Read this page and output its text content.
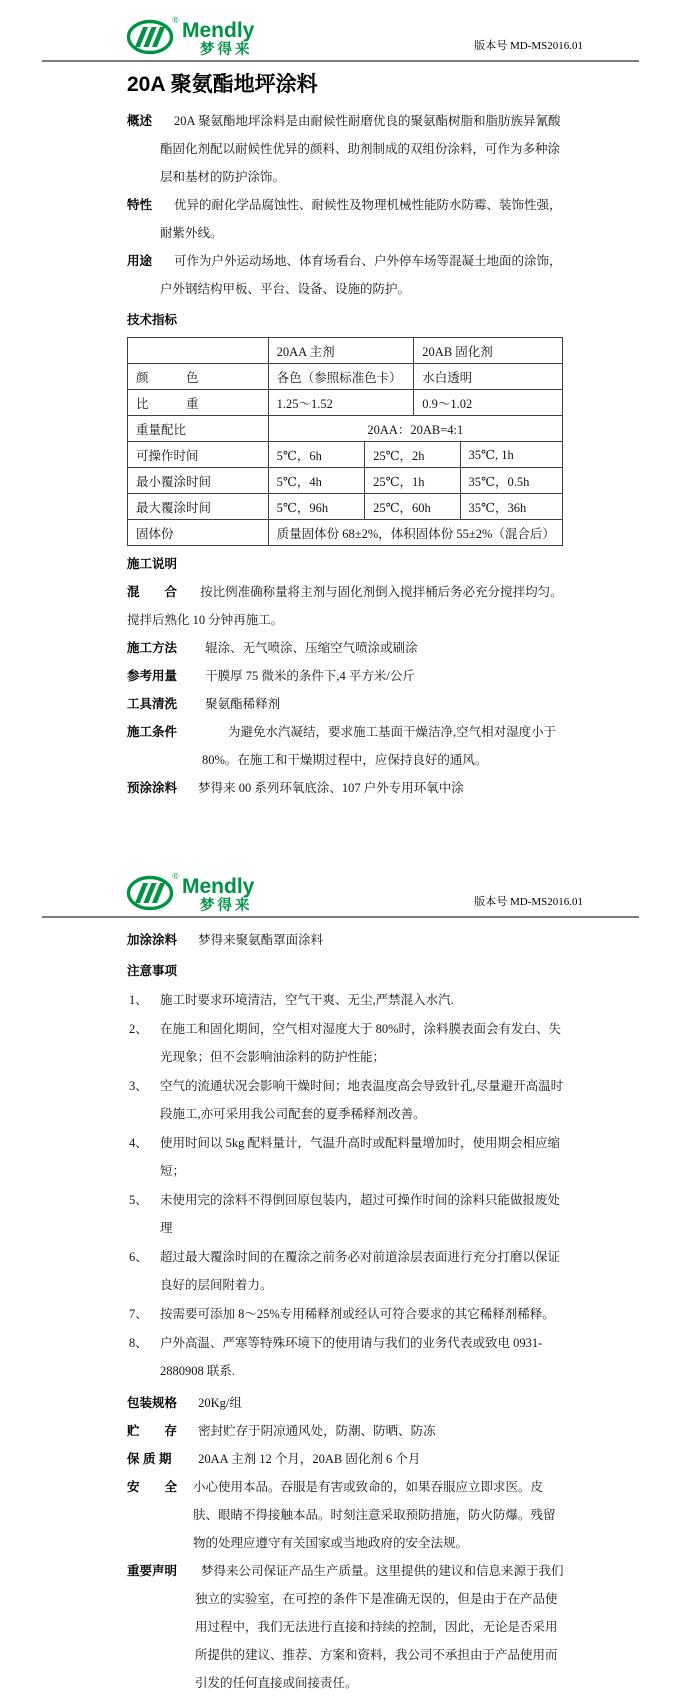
® Mendly
梦得来	版本号 MD-MS2016.01
20A 聚氨酯地坪涂料

概述 20A 聚氨酯地坪涂料是由耐候性耐磨优良的聚氨酯树脂和脂肪族异氰酸酯固化剂配以耐候性优异的颜料、助剂制成的双组份涂料，可作为多种涂层和基材的防护涂饰。

特性 优异的耐化学品腐蚀性、耐候性及物理机械性能防水防霉、装饰性强，耐紫外线。

用途 可作为户外运动场地、体育场看台、户外停车场等混凝土地面的涂饰，户外钢结构甲板、平台、设备、设施的防护。

技术指标

	20AA 主剂		20AB 固化剂	
颜　　　色	各色（参照标准色卡）		水白透明	
比　　　重	1.25～1.52		0.9～1.02	
重量配比	20AA：20AB=4:1			
可操作时间	5℃，6h	25℃，2h		35℃, 1h
最小覆涂时间	5℃，4h	25℃，1h		35℃，0.5h
最大覆涂时间	5℃，96h	25℃，60h		35℃，36h
固体份	质量固体份 68±2%，体积固体份 55±2%（混合后）			

施工说明

混　　合 按比例准确称量将主剂与固化剂倒入搅拌桶后务必充分搅拌均匀。

搅拌后熟化 10 分钟再施工。

施工方法 辊涂、无气喷涂、压缩空气喷涂或刷涂

参考用量 干膜厚 75 微米的条件下,4 平方米/公斤

工具清洗 聚氨酯稀释剂

施工条件	为避免水汽凝结，要求施工基面干燥洁净,空气相对湿度小于 80%。在施工和干燥期过程中，应保持良好的通风。

预涂涂料 梦得来 00 系列环氧底涂、107 户外专用环氧中涂

® Mendly
梦得来	版本号 MD-MS2016.01

加涂涂料 梦得来聚氨酯罩面涂料

注意事项

1、 施工时要求环境清洁，空气干爽、无尘,严禁混入水汽.
2、 在施工和固化期间，空气相对湿度大于 80%时，涂料膜表面会有发白、失光现象；但不会影响油涂料的防护性能；
3、 空气的流通状况会影响干燥时间；地表温度高会导致针孔,尽量避开高温时段施工,亦可采用我公司配套的夏季稀释剂改善。
4、 使用时间以 5kg 配料量计，气温升高时或配料量增加时，使用期会相应缩短；
5、 未使用完的涂料不得倒回原包装内，超过可操作时间的涂料只能做报废处理
6、 超过最大覆涂时间的在覆涂之前务必对前道涂层表面进行充分打磨以保证良好的层间附着力。
7、 按需要可添加 8～25%专用稀释剂或经认可符合要求的其它稀释剂稀释。
8、 户外高温、严寒等特殊环境下的使用请与我们的业务代表或致电 0931-2880908 联系.

包装规格 20Kg/组

贮　　存 密封贮存于阴凉通风处，防潮、防晒、防冻

保 质 期 20AA 主剂 12 个月，20AB 固化剂 6 个月

安　　全 小心使用本品。吞服是有害或致命的，如果吞服应立即求医。皮肤、眼睛不得接触本品。时刻注意采取预防措施，防火防爆。残留物的处理应遵守有关国家或当地政府的安全法规。

重要声明 梦得来公司保证产品生产质量。这里提供的建议和信息来源于我们独立的实验室，在可控的条件下是准确无误的，但是由于在产品使用过程中，我们无法进行直接和持续的控制，因此，无论是否采用所提供的建议、推荐、方案和资料，我公司不承担由于产品使用而引发的任何直接或间接责任。
